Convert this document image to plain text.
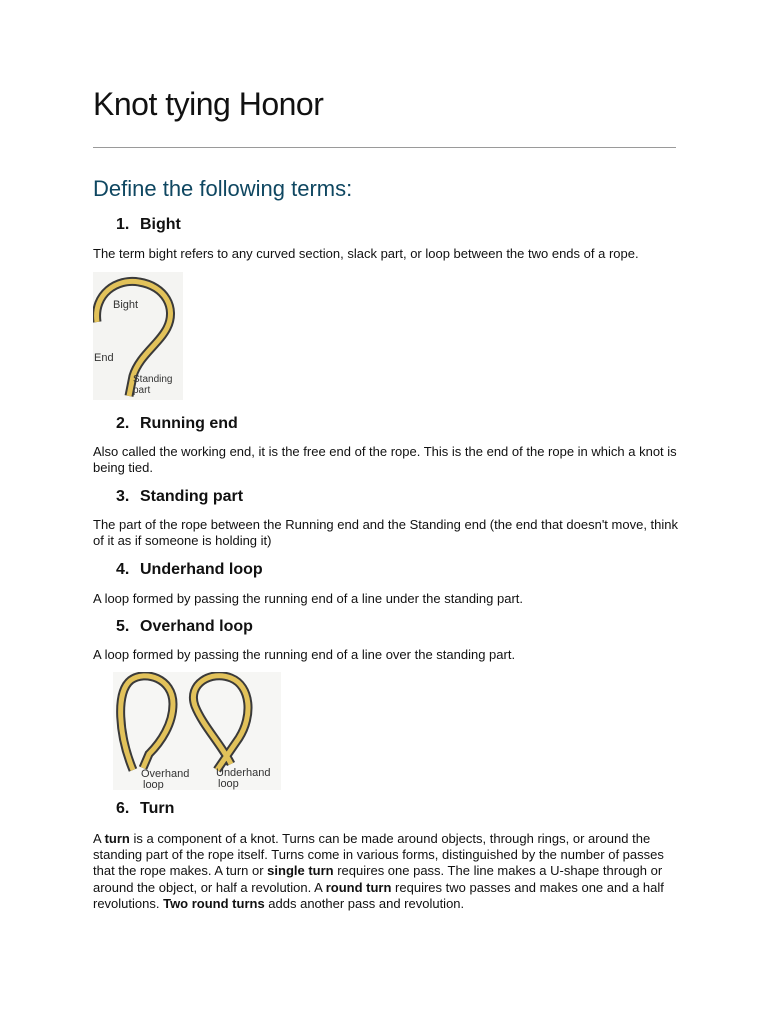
Knot tying Honor
Define the following terms:
1. Bight

The term bight refers to any curved section, slack part, or loop between the two ends of a rope.

Bight
End
Standing
part
2. Running end

Also called the working end, it is the free end of the rope. This is the end of the rope in which a knot is being tied.

3. Standing part

The part of the rope between the Running end and the Standing end (the end that doesn't move, think of it as if someone is holding it)

4. Underhand loop

A loop formed by passing the running end of a line under the standing part.

5. Overhand loop

A loop formed by passing the running end of a line over the standing part.

Overhand
loop
Underhand
loop
6. Turn

A turn is a component of a knot. Turns can be made around objects, through rings, or around the standing part of the rope itself. Turns come in various forms, distinguished by the number of passes that the rope makes. A turn or single turn requires one pass. The line makes a U-shape through or around the object, or half a revolution. A round turn requires two passes and makes one and a half revolutions. Two round turns adds another pass and revolution.
